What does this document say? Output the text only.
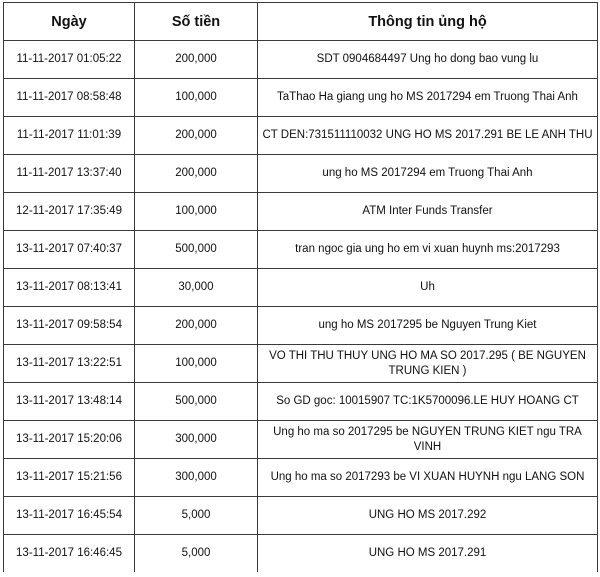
Ngày	Số tiền	Thông tin ủng hộ
11-11-2017 01:05:22	200,000	SDT 0904684497 Ung ho dong bao vung lu
11-11-2017 08:58:48	100,000	TaThao Ha giang ung ho MS 2017294 em Truong Thai Anh
11-11-2017 11:01:39	200,000	CT DEN:731511110032 UNG HO MS 2017.291 BE LE ANH THU
11-11-2017 13:37:40	200,000	ung ho MS 2017294 em Truong Thai Anh
12-11-2017 17:35:49	100,000	ATM Inter Funds Transfer
13-11-2017 07:40:37	500,000	tran ngoc gia ung ho em vi xuan huynh ms:2017293
13-11-2017 08:13:41	30,000	Uh
13-11-2017 09:58:54	200,000	ung ho MS 2017295 be Nguyen Trung Kiet
13-11-2017 13:22:51	100,000	VO THI THU THUY UNG HO MA SO 2017.295 ( BE NGUYEN TRUNG KIEN )
13-11-2017 13:48:14	500,000	So GD goc: 10015907 TC:1K5700096.LE HUY HOANG CT
13-11-2017 15:20:06	300,000	Ung ho ma so 2017295 be NGUYEN TRUNG KIET ngu TRA VINH
13-11-2017 15:21:56	300,000	Ung ho ma so 2017293 be VI XUAN HUYNH ngu LANG SON
13-11-2017 16:45:54	5,000	UNG HO MS 2017.292
13-11-2017 16:46:45	5,000	UNG HO MS 2017.291
